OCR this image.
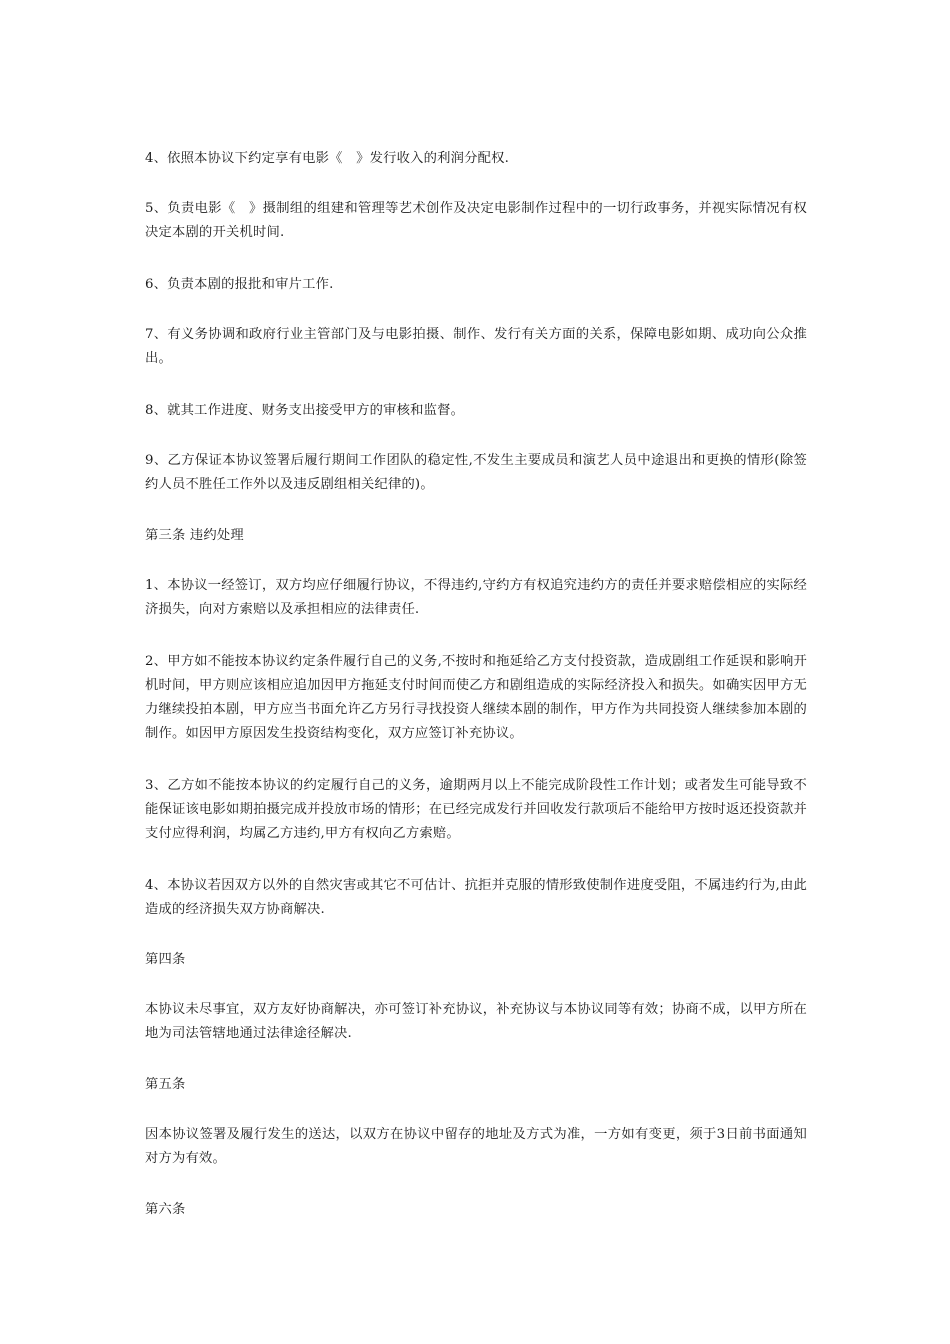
4、依照本协议下约定享有电影《　》发行收入的利润分配权.

5、负责电影《　》摄制组的组建和管理等艺术创作及决定电影制作过程中的一切行政事务，并视实际情况有权决定本剧的开关机时间.

6、负责本剧的报批和审片工作.

7、有义务协调和政府行业主管部门及与电影拍摄、制作、发行有关方面的关系，保障电影如期、成功向公众推出。

8、就其工作进度、财务支出接受甲方的审核和监督。

9、乙方保证本协议签署后履行期间工作团队的稳定性,不发生主要成员和演艺人员中途退出和更换的情形(除签约人员不胜任工作外以及违反剧组相关纪律的)。

第三条 违约处理

1、本协议一经签订，双方均应仔细履行协议，不得违约,守约方有权追究违约方的责任并要求赔偿相应的实际经济损失，向对方索赔以及承担相应的法律责任.

2、甲方如不能按本协议约定条件履行自己的义务,不按时和拖延给乙方支付投资款，造成剧组工作延误和影响开机时间，甲方则应该相应追加因甲方拖延支付时间而使乙方和剧组造成的实际经济投入和损失。如确实因甲方无力继续投拍本剧，甲方应当书面允许乙方另行寻找投资人继续本剧的制作，甲方作为共同投资人继续参加本剧的制作。如因甲方原因发生投资结构变化，双方应签订补充协议。

3、乙方如不能按本协议的约定履行自己的义务，逾期两月以上不能完成阶段性工作计划；或者发生可能导致不能保证该电影如期拍摄完成并投放市场的情形；在已经完成发行并回收发行款项后不能给甲方按时返还投资款并支付应得利润，均属乙方违约,甲方有权向乙方索赔。

4、本协议若因双方以外的自然灾害或其它不可估计、抗拒并克服的情形致使制作进度受阻，不属违约行为,由此造成的经济损失双方协商解决.

第四条

本协议未尽事宜，双方友好协商解决，亦可签订补充协议，补充协议与本协议同等有效；协商不成，以甲方所在地为司法管辖地通过法律途径解决.

第五条

因本协议签署及履行发生的送达，以双方在协议中留存的地址及方式为准，一方如有变更，须于3日前书面通知对方为有效。

第六条
